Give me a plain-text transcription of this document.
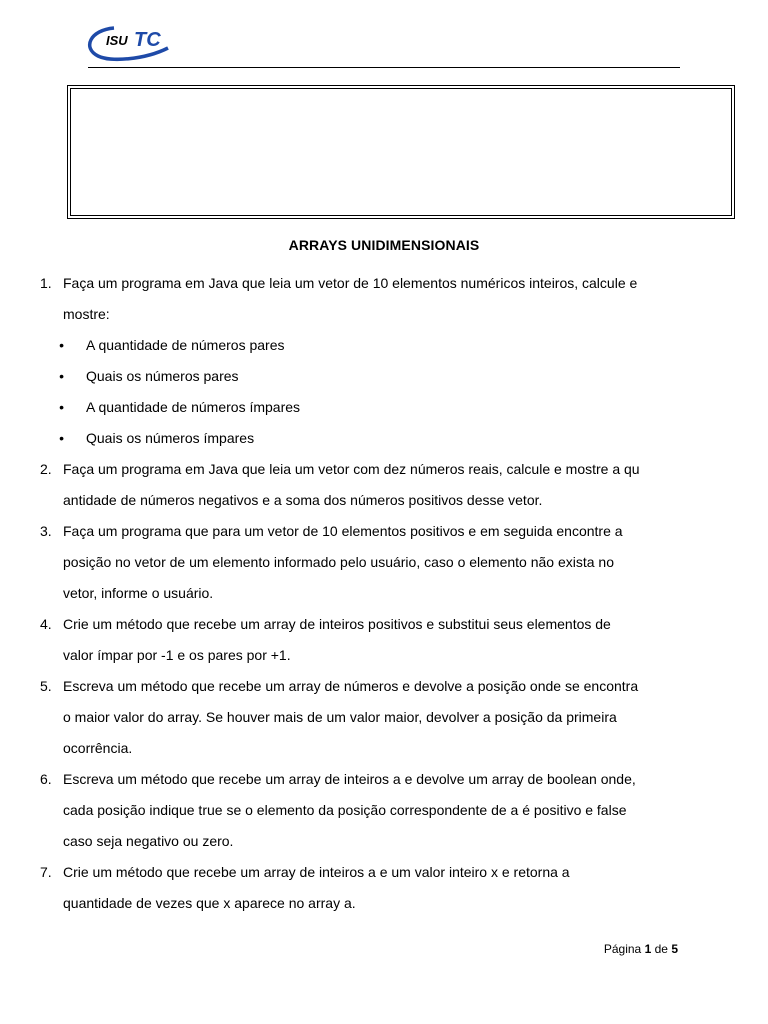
ISU TC
ARRAYS UNIDIMENSIONAIS
1. Faça um programa em Java que leia um vetor de 10 elementos numéricos inteiros, calcule e
mostre:
•	A quantidade de números pares
•	Quais os números pares
•	A quantidade de números ímpares
•	Quais os números ímpares
2. Faça um programa em Java que leia um vetor com dez números reais, calcule e mostre a qu
antidade de números negativos e a soma dos números positivos desse vetor.
3. Faça um programa que para um vetor de 10 elementos positivos e em seguida encontre a
posição no vetor de um elemento informado pelo usuário, caso o elemento não exista no
vetor, informe o usuário.
4. Crie um método que recebe um array de inteiros positivos e substitui seus elementos de
valor ímpar por -1 e os pares por +1.
5. Escreva um método que recebe um array de números e devolve a posição onde se encontra
o maior valor do array. Se houver mais de um valor maior, devolver a posição da primeira
ocorrência.
6. Escreva um método que recebe um array de inteiros a e devolve um array de boolean onde,
cada posição indique true se o elemento da posição correspondente de a é positivo e false
caso seja negativo ou zero.
7. Crie um método que recebe um array de inteiros a e um valor inteiro x e retorna a
quantidade de vezes que x aparece no array a.
Página 1 de 5
